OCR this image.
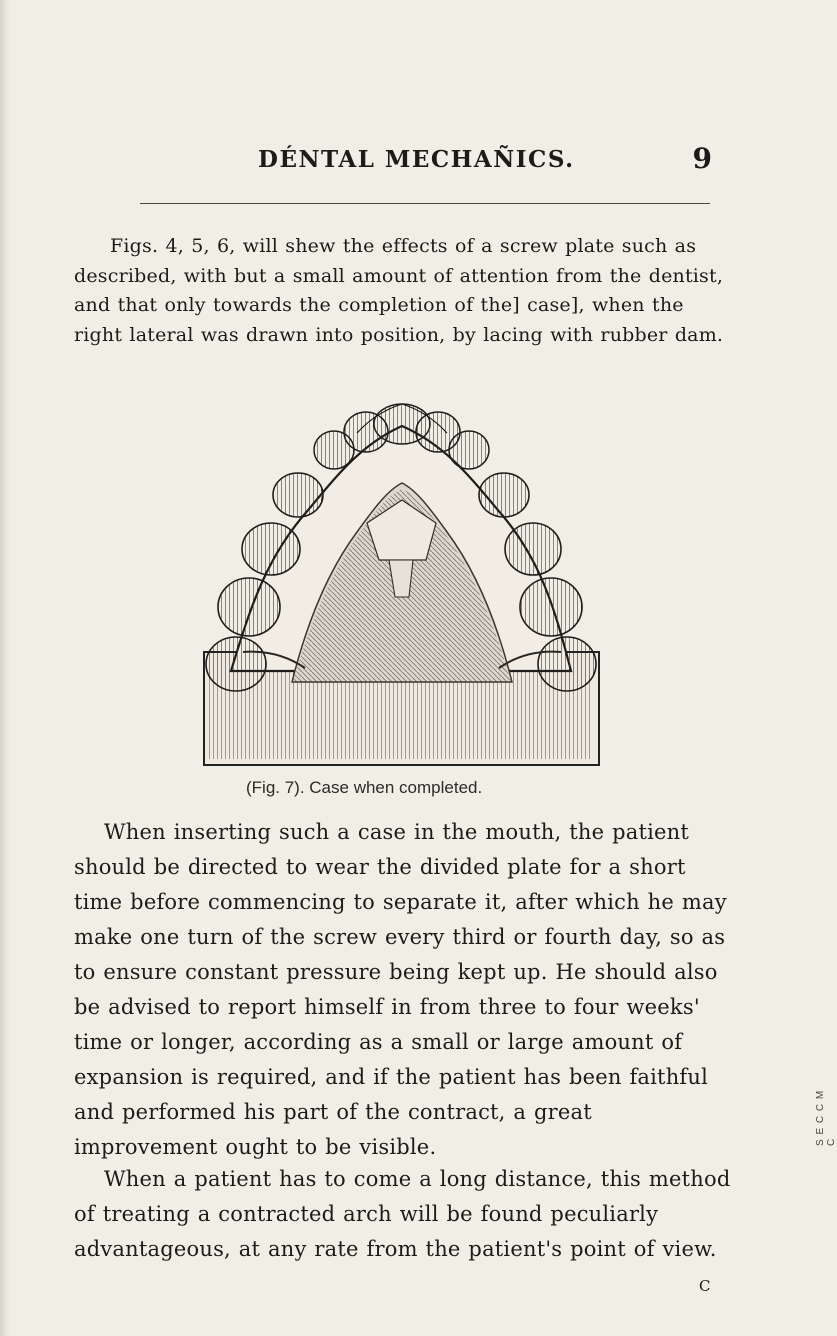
DÉNTAL MECHAÑICS.	9
Figs. 4, 5, 6, will shew the effects of a screw plate such as described, with but a small amount of attention from the dentist, and that only towards the completion of the] case], when the right lateral was drawn into position, by lacing with rubber dam.
S E C C M C
(Fig. 7). Case when completed.
When inserting such a case in the mouth, the patient should be directed to wear the divided plate for a short time before commencing to separate it, after which he may make one turn of the screw every third or fourth day, so as to ensure constant pressure being kept up. He should also be advised to report himself in from three to four weeks' time or longer, according as a small or large amount of expansion is required, and if the patient has been faithful and performed his part of the contract, a great improvement ought to be visible.
When a patient has to come a long distance, this method of treating a contracted arch will be found peculiarly advantageous, at any rate from the patient's point of view.
C
